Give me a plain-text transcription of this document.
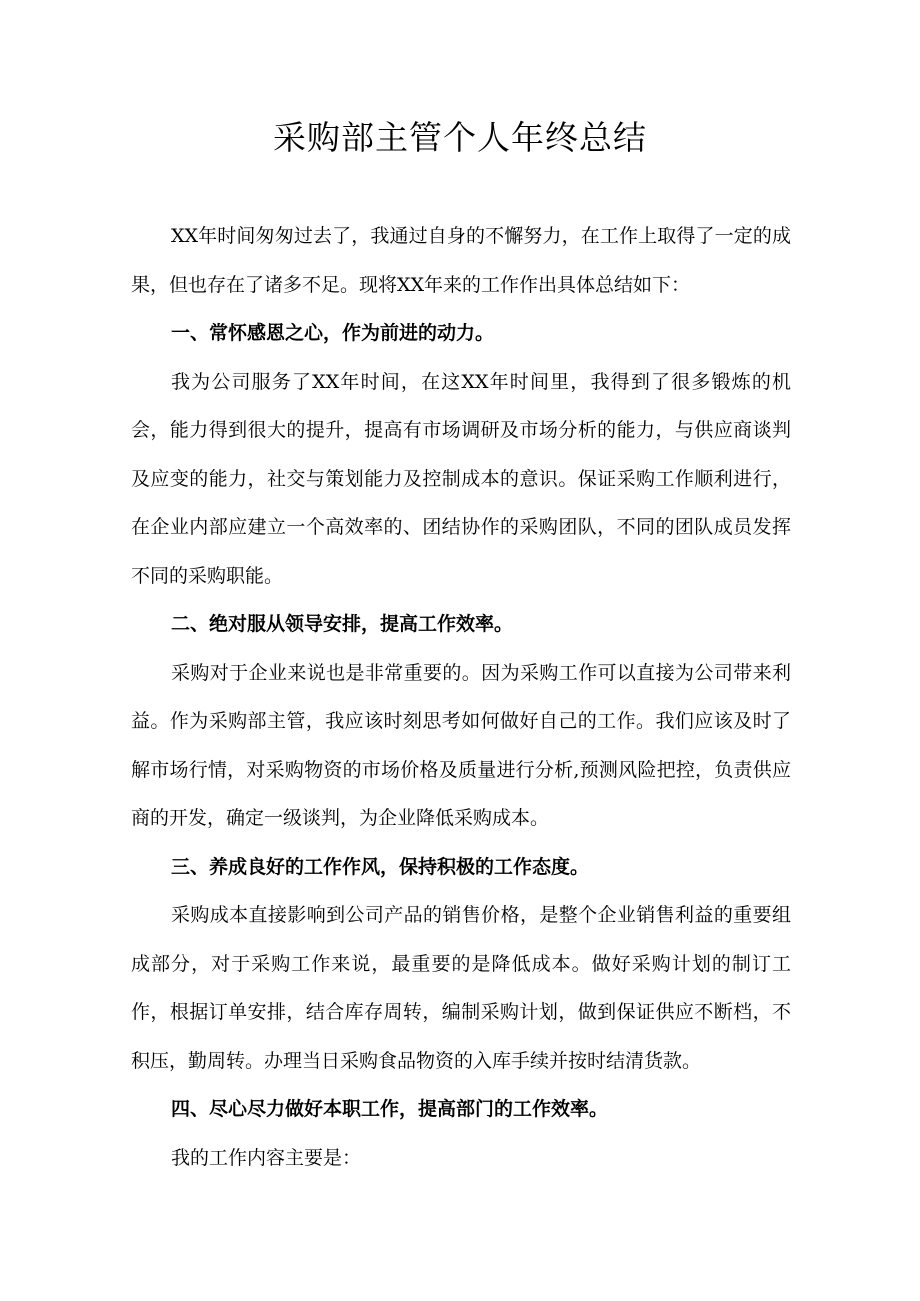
采购部主管个人年终总结

XX年时间匆匆过去了，我通过自身的不懈努力，在工作上取得了一定的成果，但也存在了诸多不足。现将XX年来的工作作出具体总结如下：

一、常怀感恩之心，作为前进的动力。

我为公司服务了XX年时间，在这XX年时间里，我得到了很多锻炼的机会，能力得到很大的提升，提高有市场调研及市场分析的能力，与供应商谈判及应变的能力，社交与策划能力及控制成本的意识。保证采购工作顺利进行，在企业内部应建立一个高效率的、团结协作的采购团队，不同的团队成员发挥不同的采购职能。

二、绝对服从领导安排，提高工作效率。

采购对于企业来说也是非常重要的。因为采购工作可以直接为公司带来利益。作为采购部主管，我应该时刻思考如何做好自己的工作。我们应该及时了解市场行情，对采购物资的市场价格及质量进行分析,预测风险把控，负责供应商的开发，确定一级谈判，为企业降低采购成本。

三、养成良好的工作作风，保持积极的工作态度。

采购成本直接影响到公司产品的销售价格，是整个企业销售利益的重要组成部分，对于采购工作来说，最重要的是降低成本。做好采购计划的制订工作，根据订单安排，结合库存周转，编制采购计划，做到保证供应不断档，不积压，勤周转。办理当日采购食品物资的入库手续并按时结清货款。

四、尽心尽力做好本职工作，提高部门的工作效率。

我的工作内容主要是：
